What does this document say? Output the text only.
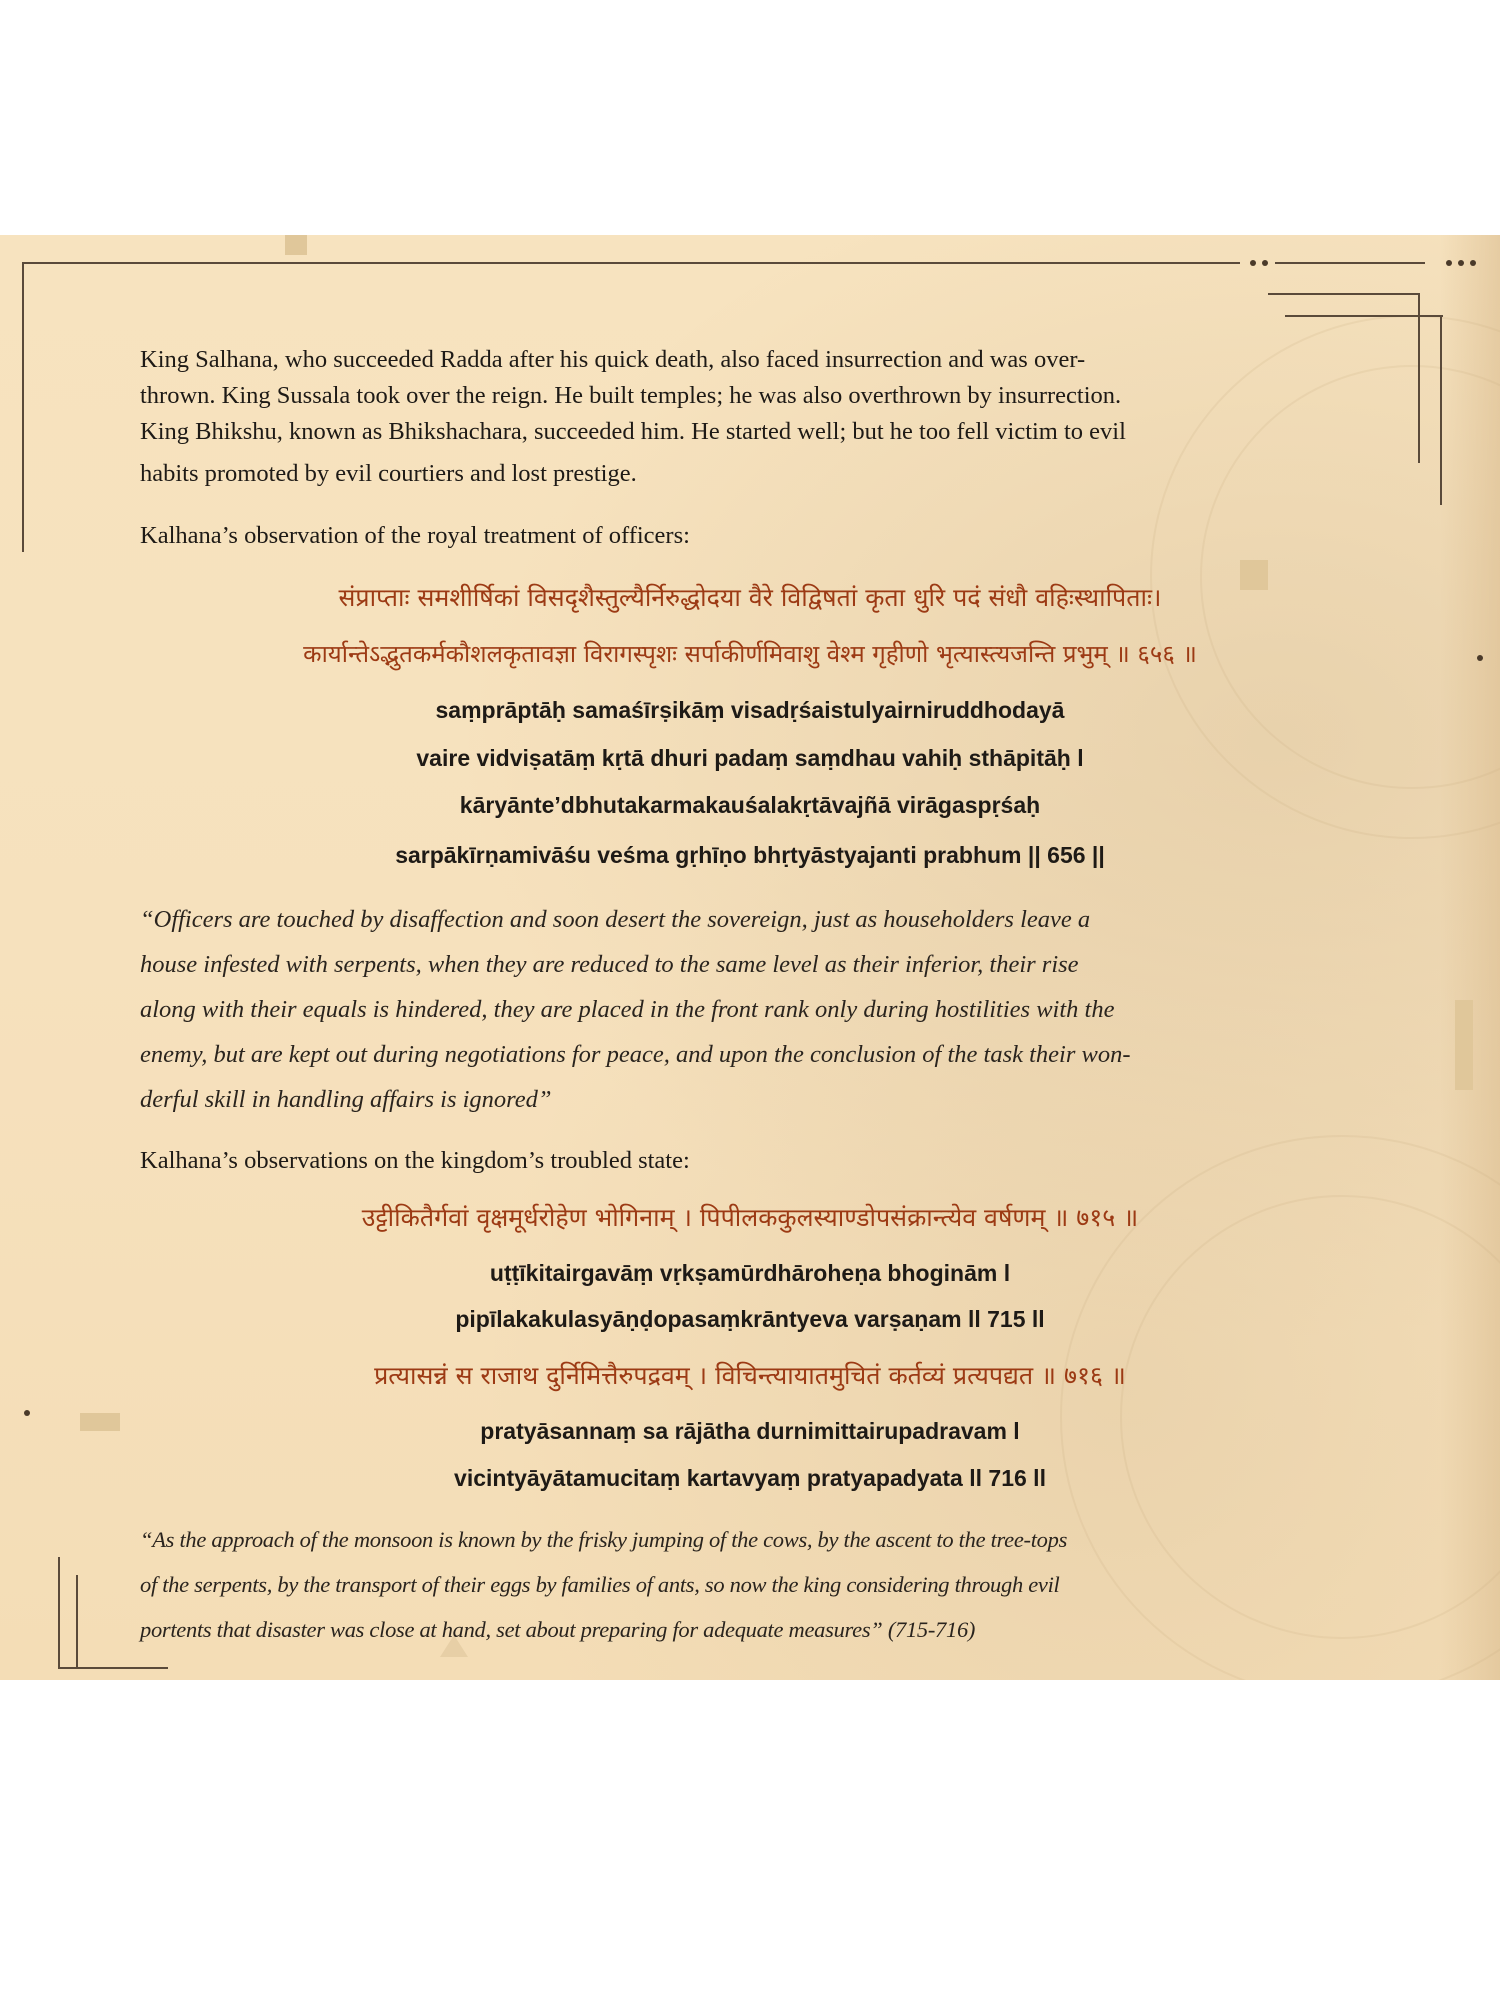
King Salhana, who succeeded Radda after his quick death, also faced insurrection and was over-
thrown. King Sussala took over the reign. He built temples; he was also overthrown by insurrection.
King Bhikshu, known as Bhikshachara, succeeded him. He started well; but he too fell victim to evil
habits promoted by evil courtiers and lost prestige.
Kalhana’s observation of the royal treatment of officers:
संप्राप्ताः समशीर्षिकां विसदृशैस्तुल्यैर्निरुद्धोदया वैरे विद्विषतां कृता धुरि पदं संधौ वहिःस्थापिताः।
कार्यान्तेऽद्भुतकर्मकौशलकृतावज्ञा विरागस्पृशः सर्पाकीर्णमिवाशु वेश्म गृहीणो भृत्यास्त्यजन्ति प्रभुम् ॥ ६५६ ॥
saṃprāptāḥ samaśīrṣikāṃ visadṛśaistulyairniruddhodayā
vaire vidviṣatāṃ kṛtā dhuri padaṃ saṃdhau vahiḥ sthāpitāḥ l
kāryānte’dbhutakarmakauśalakṛtāvajñā virāgaspṛśaḥ
sarpākīrṇamivāśu veśma gṛhīṇo bhṛtyāstyajanti prabhum || 656 ||
“Officers are touched by disaffection and soon desert the sovereign, just as householders leave a
house infested with serpents, when they are reduced to the same level as their inferior, their rise
along with their equals is hindered, they are placed in the front rank only during hostilities with the
enemy, but are kept out during negotiations for peace, and upon the conclusion of the task their won-
derful skill in handling affairs is ignored”
Kalhana’s observations on the kingdom’s troubled state:
उट्टीकितैर्गवां वृक्षमूर्धरोहेण भोगिनाम् । पिपीलककुलस्याण्डोपसंक्रान्त्येव वर्षणम् ॥ ७१५ ॥
uṭṭīkitairgavāṃ vṛkṣamūrdhāroheṇa bhoginām l
pipīlakakulasyāṇḍopasaṃkrāntyeva varṣaṇam ll 715 ll
प्रत्यासन्नं स राजाथ दुर्निमित्तैरुपद्रवम् । विचिन्त्यायातमुचितं कर्तव्यं प्रत्यपद्यत ॥ ७१६ ॥
pratyāsannaṃ sa rājātha durnimittairupadravam l
vicintyāyātamucitaṃ kartavyaṃ pratyapadyata ll 716 ll
“As the approach of the monsoon is known by the frisky jumping of the cows, by the ascent to the tree-tops
of the serpents, by the transport of their eggs by families of ants, so now the king considering through evil
portents that disaster was close at hand, set about preparing for adequate measures” (715-716)
